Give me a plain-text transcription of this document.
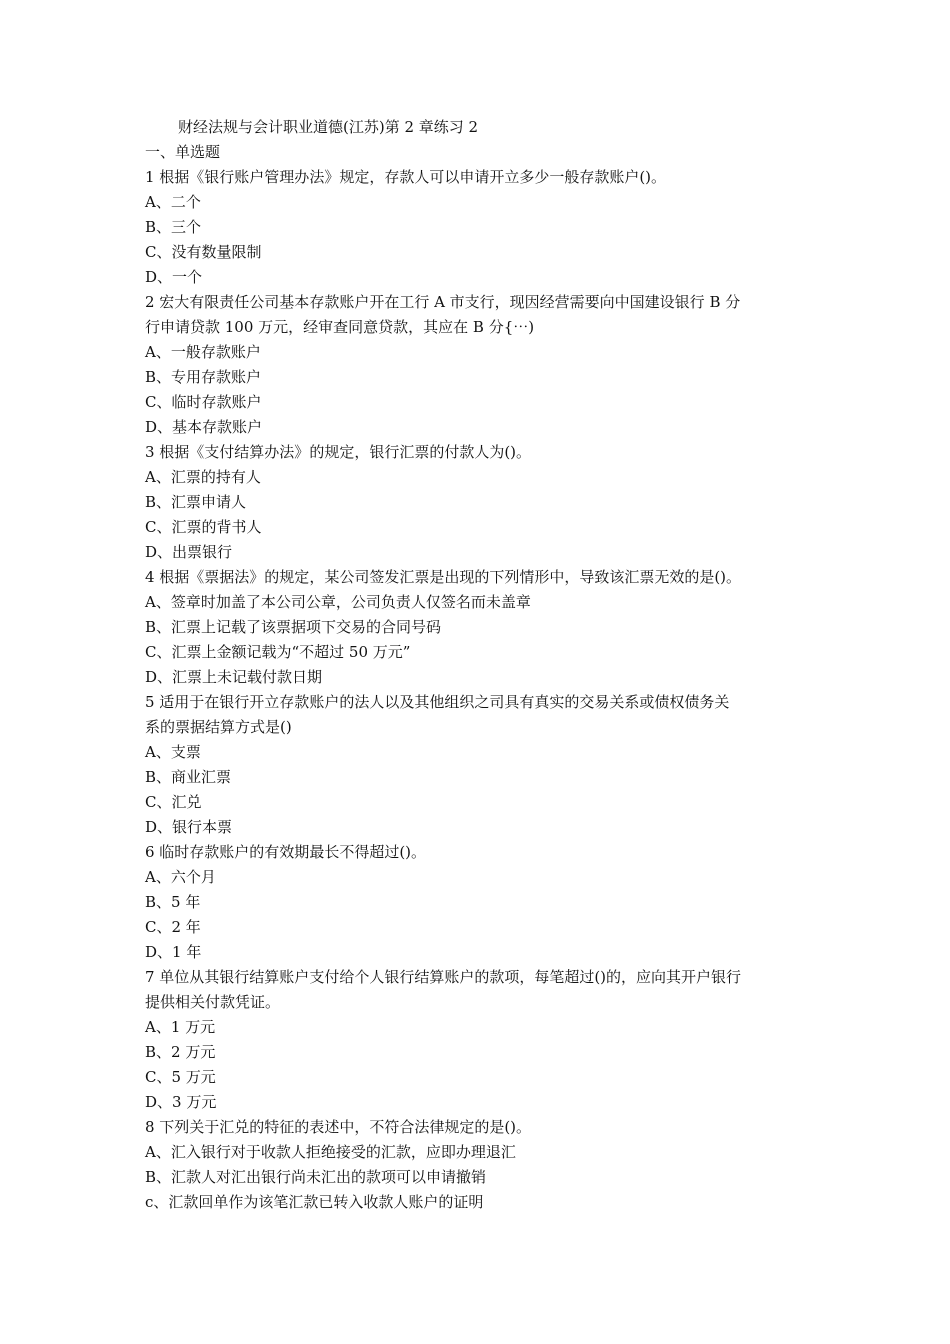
财经法规与会计职业道德(江苏)第 2 章练习 2
一、单选题
1 根据《银行账户管理办法》规定，存款人可以申请开立多少一般存款账户()。
A、二个
B、三个
C、没有数量限制
D、一个
2 宏大有限责任公司基本存款账户开在工行 A 市支行，现因经营需要向中国建设银行 B 分
行申请贷款 100 万元，经审查同意贷款，其应在 B 分{⋯)
A、一般存款账户
B、专用存款账户
C、临时存款账户
D、基本存款账户
3 根据《支付结算办法》的规定，银行汇票的付款人为()。
A、汇票的持有人
B、汇票申请人
C、汇票的背书人
D、出票银行
4 根据《票据法》的规定，某公司签发汇票是出现的下列情形中，导致该汇票无效的是()。
A、签章时加盖了本公司公章，公司负责人仅签名而未盖章
B、汇票上记载了该票据项下交易的合同号码
C、汇票上金额记载为“不超过 50 万元”
D、汇票上未记载付款日期
5 适用于在银行开立存款账户的法人以及其他组织之司具有真实的交易关系或债权债务关
系的票据结算方式是()
A、支票
B、商业汇票
C、汇兑
D、银行本票
6 临时存款账户的有效期最长不得超过()。
A、六个月
B、5 年
C、2 年
D、1 年
7 单位从其银行结算账户支付给个人银行结算账户的款项，每笔超过()的，应向其开户银行
提供相关付款凭证。
A、1 万元
B、2 万元
C、5 万元
D、3 万元
8 下列关于汇兑的特征的表述中，不符合法律规定的是()。
A、汇入银行对于收款人拒绝接受的汇款，应即办理退汇
B、汇款人对汇出银行尚未汇出的款项可以申请撤销
c、汇款回单作为该笔汇款已转入收款人账户的证明
